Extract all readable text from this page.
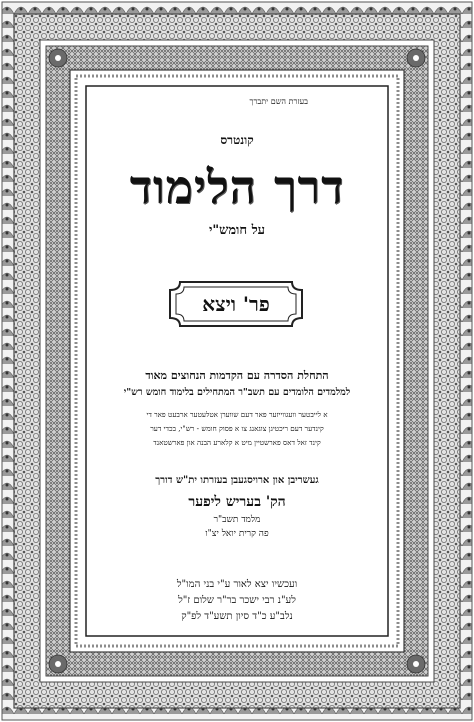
בעזרת השם יתברך
קונטרס
דרך הלימוד
על חומש"י
פר' ויצא
התחלת הסדרה עם הקדמות הנחוצים מאוד
למלמדים הלומדים עם תשב"ר המתחילים בלימוד חומש רש"י
א לייבטער וועגווייזער פאר דעם שווערן אטלעטער ארבעט פאר די
קינדער דעם ריכטיגן צוגאנג צו א פסוק חומש - רש"י, בכדי דער
קינד זאל דאס פארשטיין מיט א קלארע הבנה און פארשטאנד
געשריבן און ארויסגעבן בעזרתו ית"ש דורך
הק' בעריש ליפער
מלמד תשב"ר
פה קרית יואל יצ"ו
ועכשיו יצא לאור ע"י בני המו"ל
לע"נ רבי ישכר בר"ר שלום ז"ל
נלב"ע כ"ד סיון תשע"ד לפ"ק
